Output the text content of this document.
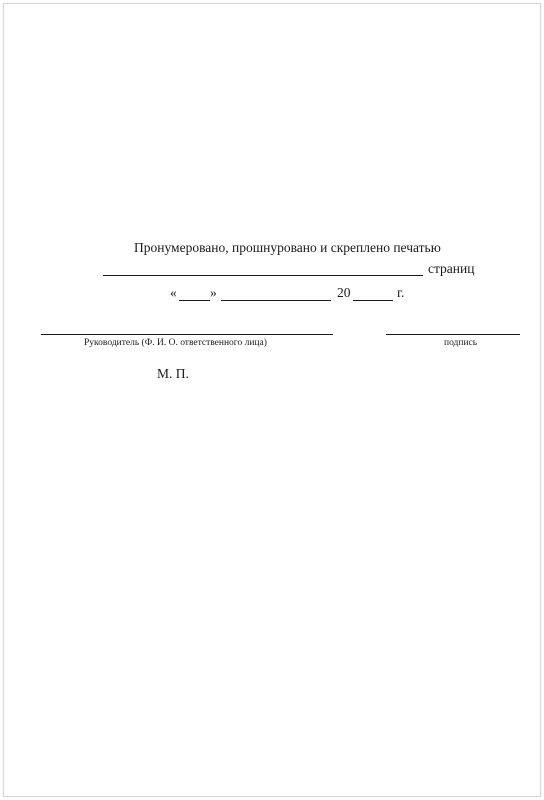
Пронумеровано, прошнуровано и скреплено печатью
страниц
« »	20	г.
Руководитель (Ф. И. О. ответственного лица)	подпись
М. П.
